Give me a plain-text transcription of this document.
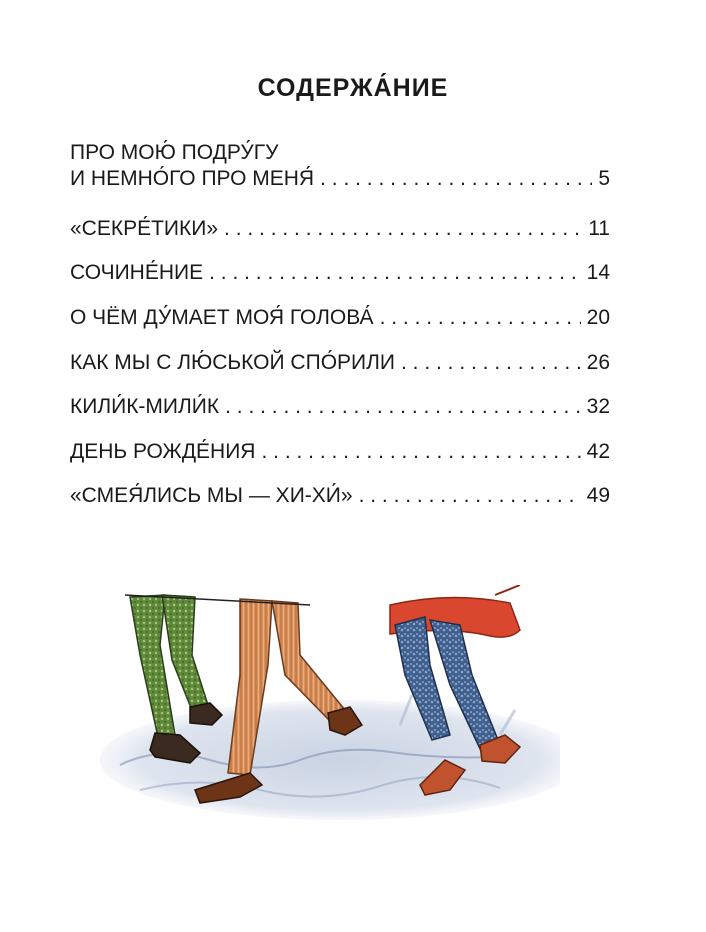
СОДЕРЖА́НИЕ
ПРО МОЮ́ ПОДРУ́ГУ
И НЕМНО́ГО ПРО МЕНЯ́ . . .	5
«СЕКРЕ́ТИКИ» . . .	11
СОЧИНЕ́НИЕ . . .	14
О ЧЁМ ДУ́МАЕТ МОЯ́ ГОЛОВА́ . . .	20
КАК МЫ С ЛЮ́СЬКОЙ СПО́РИЛИ . . .	26
КИЛИ́К-МИЛИ́К . . .	32
ДЕНЬ РОЖДЕ́НИЯ . . .	42
«СМЕЯ́ЛИСЬ МЫ — ХИ-ХИ́» . . .	49
